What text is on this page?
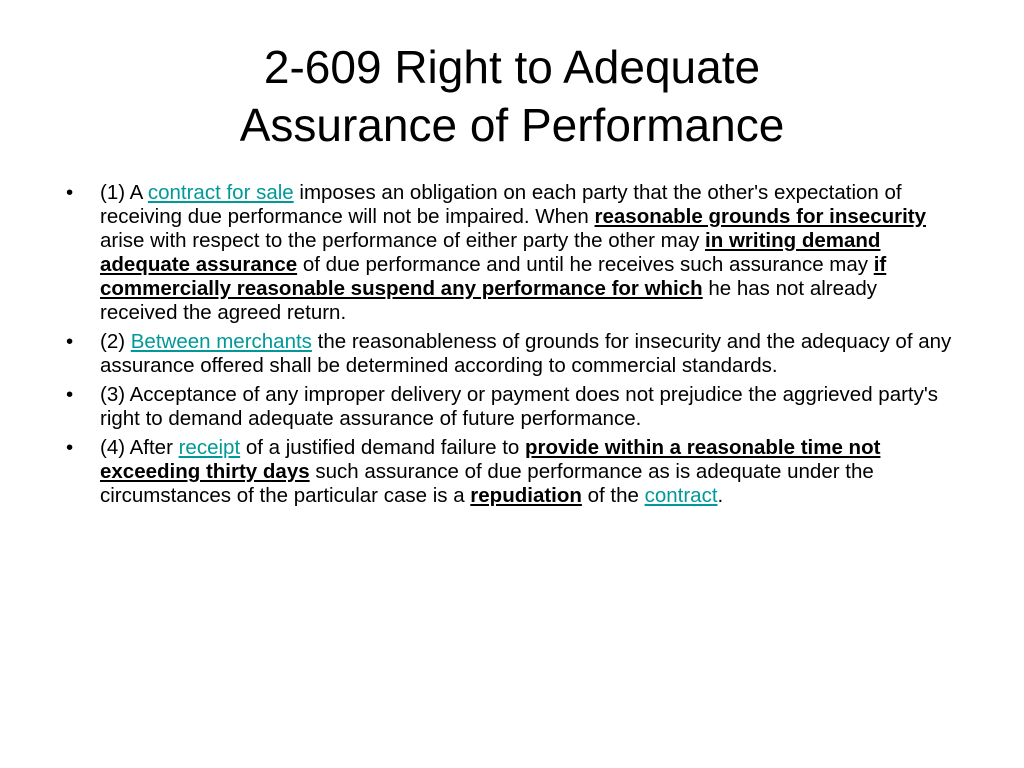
2-609 Right to Adequate
Assurance of Performance
• (1) A contract for sale imposes an obligation on each party that the other's expectation of receiving due performance will not be impaired. When reasonable grounds for insecurity arise with respect to the performance of either party the other may in writing demand adequate assurance of due performance and until he receives such assurance may if commercially reasonable suspend any performance for which he has not already received the agreed return.
• (2) Between merchants the reasonableness of grounds for insecurity and the adequacy of any assurance offered shall be determined according to commercial standards.
• (3) Acceptance of any improper delivery or payment does not prejudice the aggrieved party's right to demand adequate assurance of future performance.
• (4) After receipt of a justified demand failure to provide within a reasonable time not exceeding thirty days such assurance of due performance as is adequate under the circumstances of the particular case is a repudiation of the contract.
